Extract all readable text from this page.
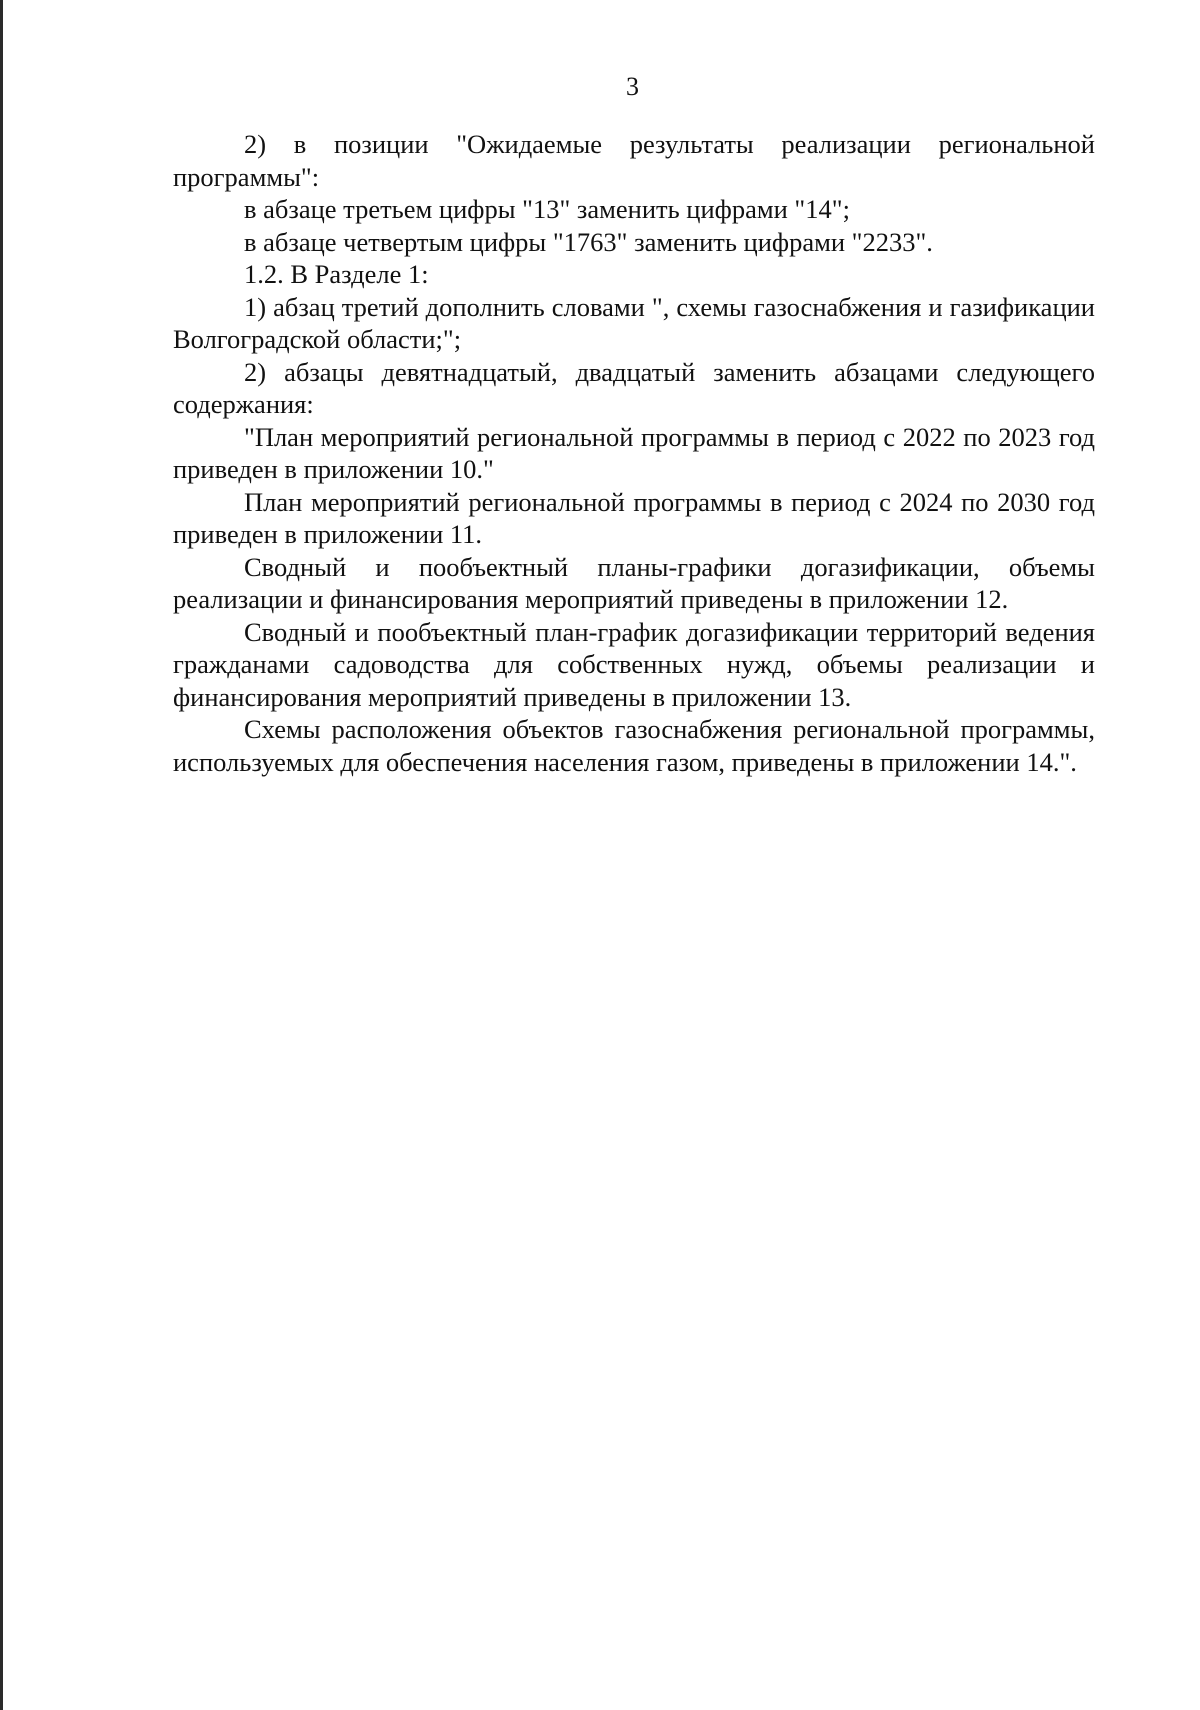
3

2) в позиции "Ожидаемые результаты реализации региональной программы":

в абзаце третьем цифры "13" заменить цифрами "14";

в абзаце четвертым цифры "1763" заменить цифрами "2233".

1.2. В Разделе 1:

1) абзац третий дополнить словами ", схемы газоснабжения и газификации Волгоградской области;";

2) абзацы девятнадцатый, двадцатый заменить абзацами следующего содержания:

"План мероприятий региональной программы в период с 2022 по 2023 год приведен в приложении 10."

План мероприятий региональной программы в период с 2024 по 2030 год приведен в приложении 11.

Сводный и пообъектный планы-графики догазификации, объемы реализации и финансирования мероприятий приведены в приложении 12.

Сводный и пообъектный план-график догазификации территорий ведения гражданами садоводства для собственных нужд, объемы реализации и финансирования мероприятий приведены в приложении 13.

Схемы расположения объектов газоснабжения региональной программы, используемых для обеспечения населения газом, приведены в приложении 14.".
